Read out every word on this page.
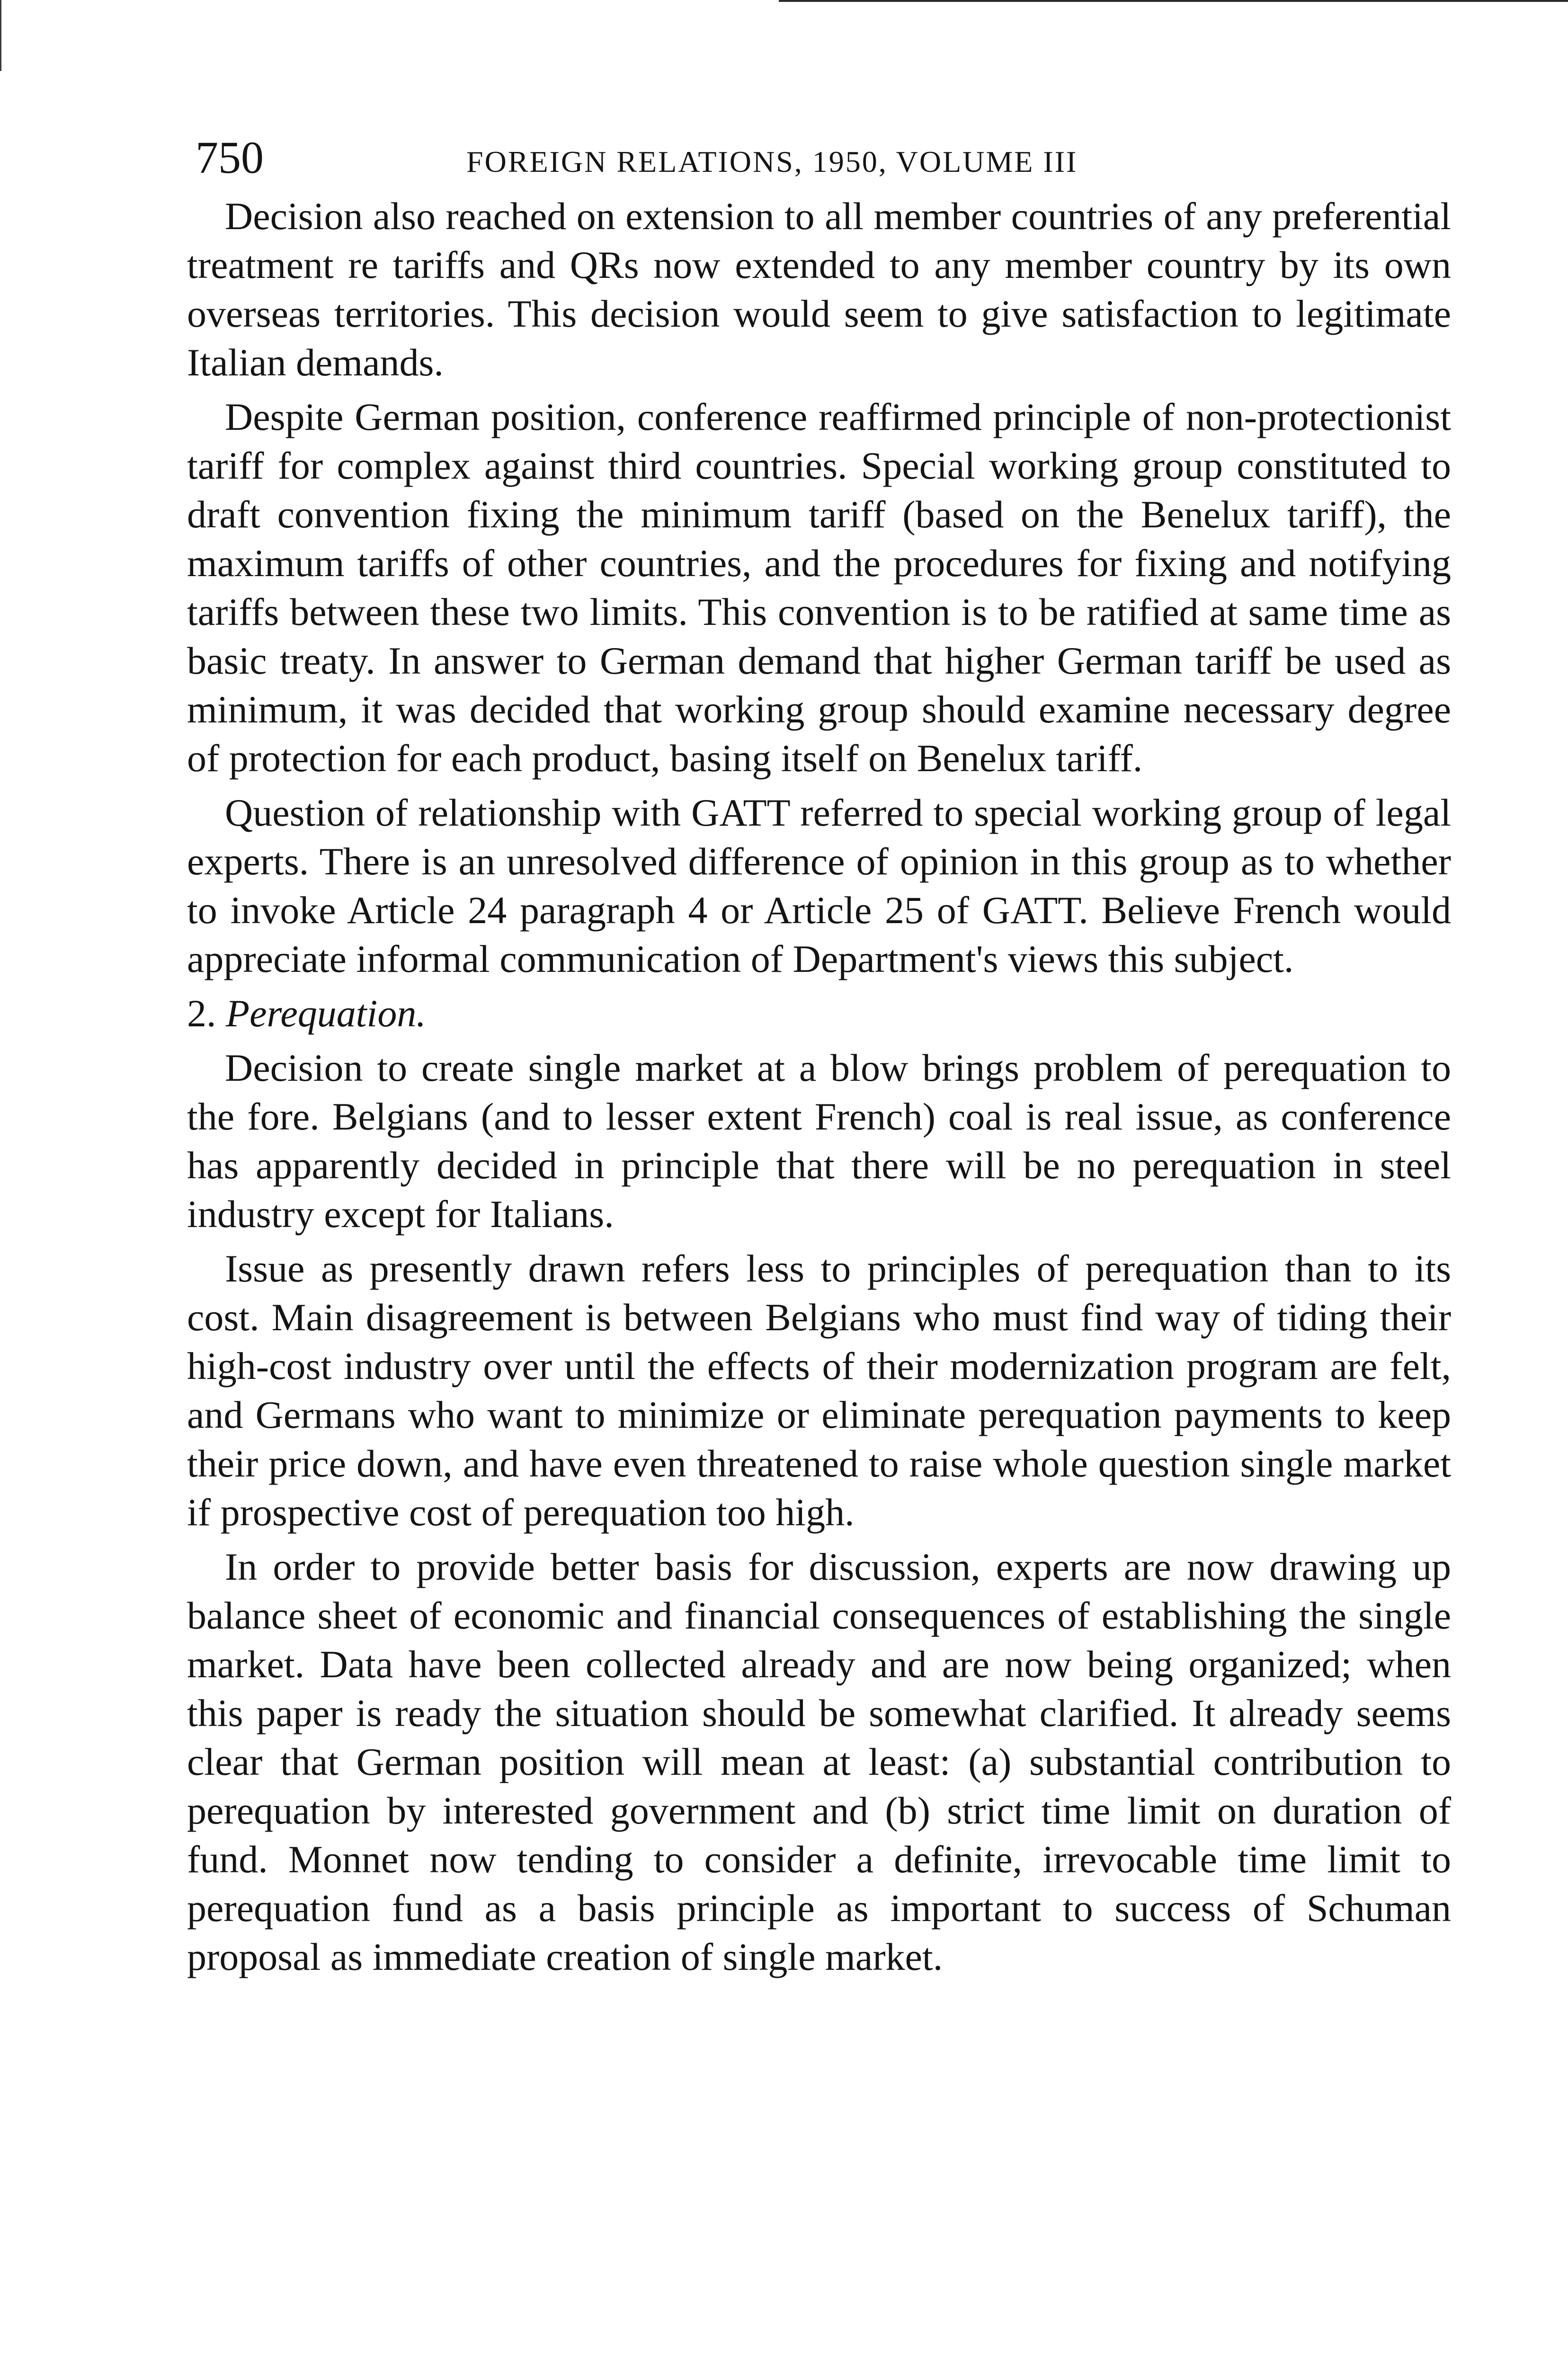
750	FOREIGN RELATIONS, 1950, VOLUME III

Decision also reached on extension to all member countries of any preferential treatment re tariffs and QRs now extended to any member country by its own overseas territories. This decision would seem to give satisfaction to legitimate Italian demands.

Despite German position, conference reaffirmed principle of non-protectionist tariff for complex against third countries. Special working group constituted to draft convention fixing the minimum tariff (based on the Benelux tariff), the maximum tariffs of other countries, and the procedures for fixing and notifying tariffs between these two limits. This convention is to be ratified at same time as basic treaty. In answer to German demand that higher German tariff be used as minimum, it was decided that working group should examine necessary degree of protection for each product, basing itself on Benelux tariff.

Question of relationship with GATT referred to special working group of legal experts. There is an unresolved difference of opinion in this group as to whether to invoke Article 24 paragraph 4 or Article 25 of GATT. Believe French would appreciate informal communication of Department's views this subject.

2. Perequation.

Decision to create single market at a blow brings problem of perequation to the fore. Belgians (and to lesser extent French) coal is real issue, as conference has apparently decided in principle that there will be no perequation in steel industry except for Italians.

Issue as presently drawn refers less to principles of perequation than to its cost. Main disagreement is between Belgians who must find way of tiding their high-cost industry over until the effects of their modernization program are felt, and Germans who want to minimize or eliminate perequation payments to keep their price down, and have even threatened to raise whole question single market if prospective cost of perequation too high.

In order to provide better basis for discussion, experts are now drawing up balance sheet of economic and financial consequences of establishing the single market. Data have been collected already and are now being organized; when this paper is ready the situation should be somewhat clarified. It already seems clear that German position will mean at least: (a) substantial contribution to perequation by interested government and (b) strict time limit on duration of fund. Monnet now tending to consider a definite, irrevocable time limit to perequation fund as a basis principle as important to success of Schuman proposal as immediate creation of single market.
